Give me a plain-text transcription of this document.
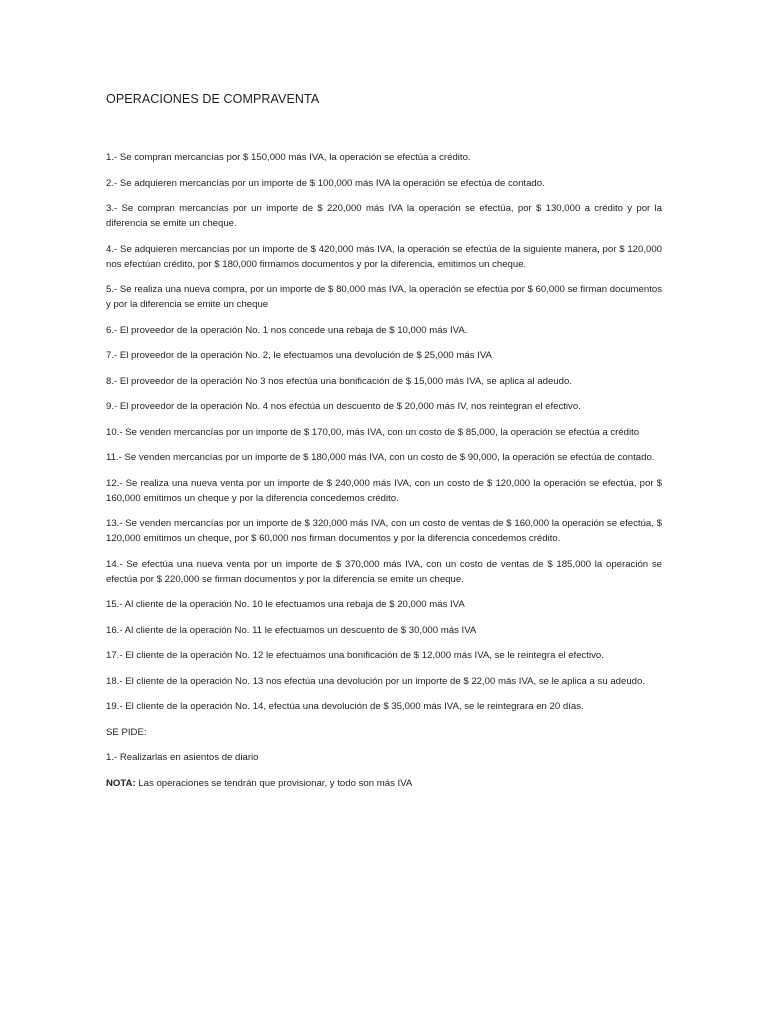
OPERACIONES DE COMPRAVENTA

1.- Se compran mercancías por $ 150,000 más IVA, la operación se efectúa a crédito.

2.- Se adquieren mercancías por un importe de $ 100,000 más IVA la operación se efectúa de contado.

3.- Se compran mercancías por un importe de $ 220,000 más IVA la operación se efectúa, por $ 130,000 a crédito y por la diferencia se emite un cheque.

4.- Se adquieren mercancías por un importe de $ 420,000 más IVA, la operación se efectúa de la siguiente manera, por $ 120,000 nos efectúan crédito, por $ 180,000 firmamos documentos y por la diferencia, emitimos un cheque.

5.- Se realiza una nueva compra, por un importe de $ 80,000 más IVA, la operación se efectúa por $ 60,000 se firman documentos y por la diferencia se emite un cheque

6.- El proveedor de la operación No. 1 nos concede una rebaja de $ 10,000 más IVA.

7.- El proveedor de la operación No. 2, le efectuamos una devolución de $ 25,000 más IVA

8.- El proveedor de la operación No 3 nos efectúa una bonificación de $ 15,000 más IVA, se aplica al adeudo.

9.- El proveedor de la operación No. 4 nos efectúa un descuento de $ 20,000 más IV, nos reintegran el efectivo.

10.- Se venden mercancías por un importe de $ 170,00, más IVA, con un costo de $ 85,000, la operación se efectúa a crédito

11.- Se venden mercancías por un importe de $ 180,000 más IVA, con un costo de $ 90,000, la operación se efectúa de contado.

12.- Se realiza una nueva venta por un importe de $ 240,000 más IVA, con un costo de $ 120,000 la operación se efectúa, por $ 160,000 emitimos un cheque y por la diferencia concedemos crédito.

13.- Se venden mercancías por un importe de $ 320,000 más IVA, con un costo de ventas de $ 160,000 la operación se efectúa, $ 120,000 emitimos un cheque, por $ 60,000 nos firman documentos y por la diferencia concedemos crédito.

14.- Se efectúa una nueva venta por un importe de $ 370,000 más IVA, con un costo de ventas de $ 185,000 la operación se efectúa por $ 220,000 se firman documentos y por la diferencia se emite un cheque.

15.- Al cliente de la operación No. 10 le efectuamos una rebaja de $ 20,000 más IVA

16.- Al cliente de la operación No. 11 le efectuamos un descuento de $ 30,000 más IVA

17.- El cliente de la operación No. 12 le efectuamos una bonificación de $ 12,000 más IVA, se le reintegra el efectivo.

18.- El cliente de la operación No. 13 nos efectúa una devolución por un importe de $ 22,00 más IVA, se le aplica a su adeudo.

19.- El cliente de la operación No. 14, efectúa una devolución de $ 35,000 más IVA, se le reintegrara en 20 días.

SE PIDE:

1.- Realizarlas en asientos de diario

NOTA: Las operaciones se tendrán que provisionar, y todo son más IVA
